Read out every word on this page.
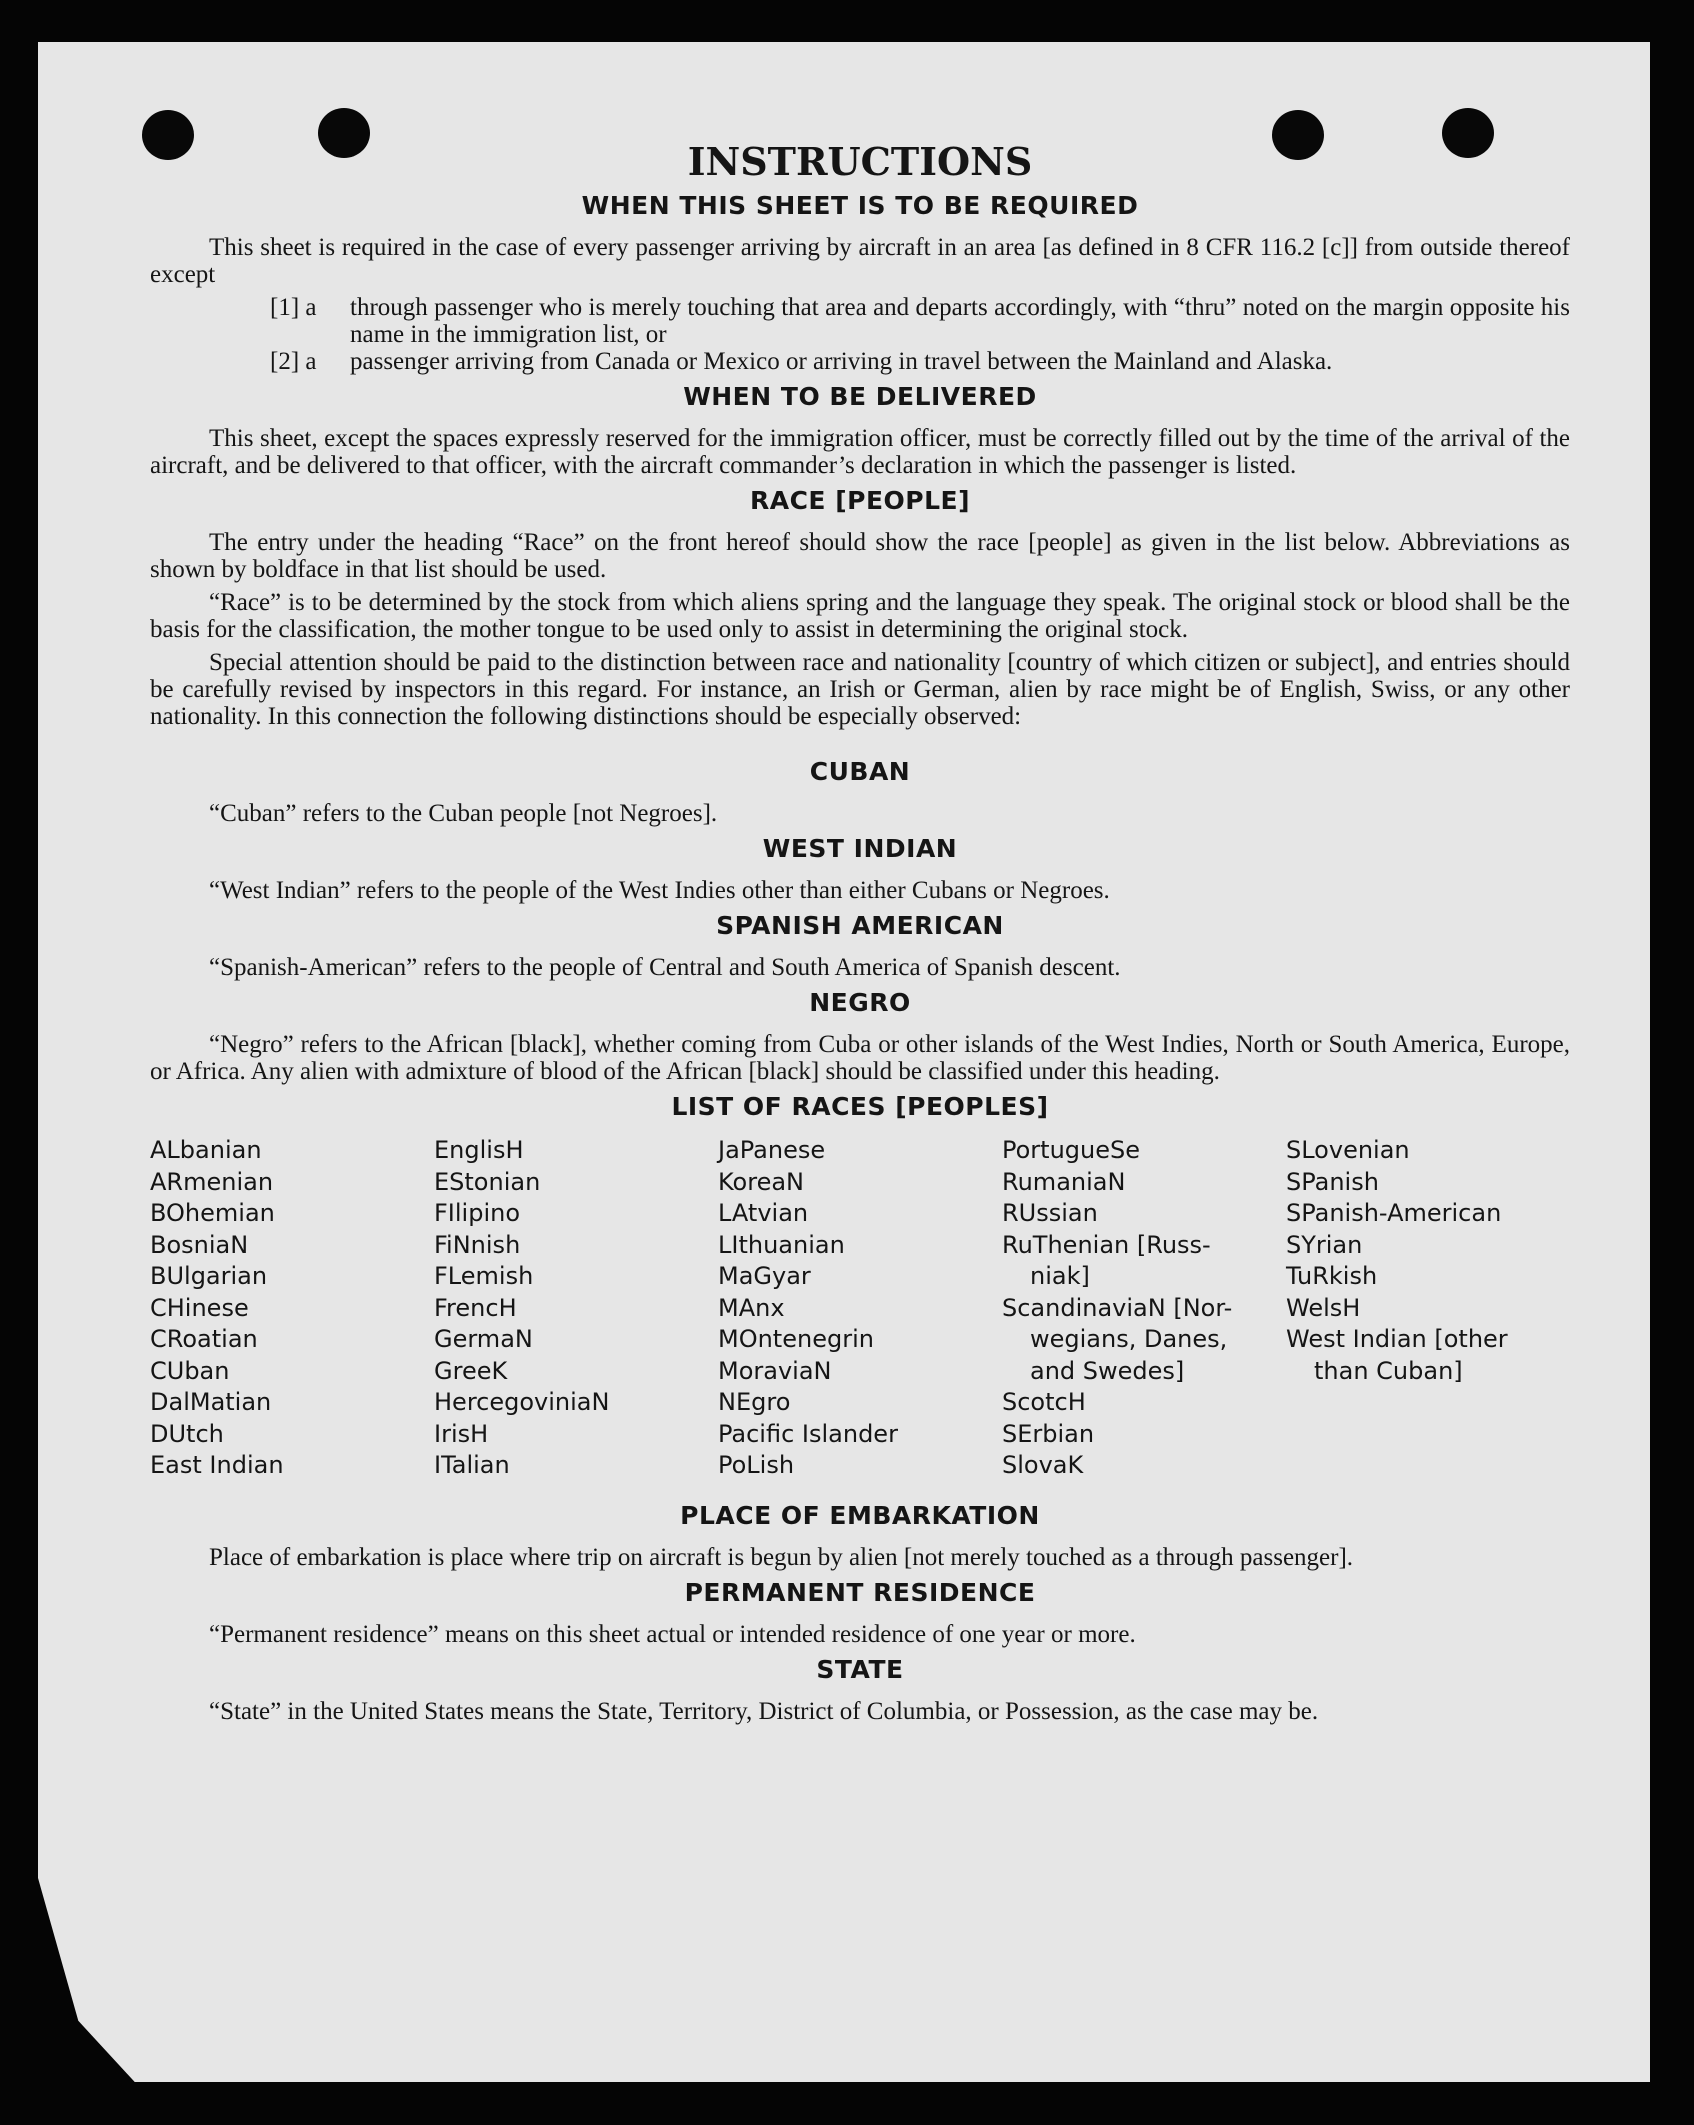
INSTRUCTIONS
WHEN THIS SHEET IS TO BE REQUIRED

This sheet is required in the case of every passenger arriving by aircraft in an area [as defined in 8 CFR 116.2 [c]] from outside thereof except

[1] a through passenger who is merely touching that area and departs accordingly, with “thru” noted on the margin opposite his name in the immigration list, or

[2] a passenger arriving from Canada or Mexico or arriving in travel between the Mainland and Alaska.

WHEN TO BE DELIVERED

This sheet, except the spaces expressly reserved for the immigration officer, must be correctly filled out by the time of the arrival of the aircraft, and be delivered to that officer, with the aircraft commander’s declaration in which the passenger is listed.

RACE [PEOPLE]

The entry under the heading “Race” on the front hereof should show the race [people] as given in the list below. Abbreviations as shown by boldface in that list should be used.

“Race” is to be determined by the stock from which aliens spring and the language they speak. The original stock or blood shall be the basis for the classification, the mother tongue to be used only to assist in determining the original stock.

Special attention should be paid to the distinction between race and nationality [country of which citizen or subject], and entries should be carefully revised by inspectors in this regard. For instance, an Irish or German, alien by race might be of English, Swiss, or any other nationality. In this connection the following distinctions should be especially observed:

CUBAN

“Cuban” refers to the Cuban people [not Negroes].

WEST INDIAN

“West Indian” refers to the people of the West Indies other than either Cubans or Negroes.

SPANISH AMERICAN

“Spanish-American” refers to the people of Central and South America of Spanish descent.

NEGRO

“Negro” refers to the African [black], whether coming from Cuba or other islands of the West Indies, North or South America, Europe, or Africa. Any alien with admixture of blood of the African [black] should be classified under this heading.

LIST OF RACES [PEOPLES]
ALbanian
ARmenian
BOhemian
BosniaN
BUlgarian
CHinese
CRoatian
CUban
DalMatian
DUtch
East Indian
EnglisH
EStonian
FIlipino
FiNnish
FLemish
FrencH
GermaN
GreeK
HercegoviniaN
IrisH
ITalian
JaPanese
KoreaN
LAtvian
LIthuanian
MaGyar
MAnx
MOntenegrin
MoraviaN
NEgro
Pacific Islander
PoLish
PortugueSe
RumaniaN
RUssian
RuThenian [Russ-
niak]
ScandinaviaN [Nor-
wegians, Danes,
and Swedes]
ScotcH
SErbian
SlovaK
SLovenian
SPanish
SPanish-American
SYrian
TuRkish
WelsH
West Indian [other
than Cuban]
PLACE OF EMBARKATION

Place of embarkation is place where trip on aircraft is begun by alien [not merely touched as a through passenger].

PERMANENT RESIDENCE

“Permanent residence” means on this sheet actual or intended residence of one year or more.

STATE

“State” in the United States means the State, Territory, District of Columbia, or Possession, as the case may be.
